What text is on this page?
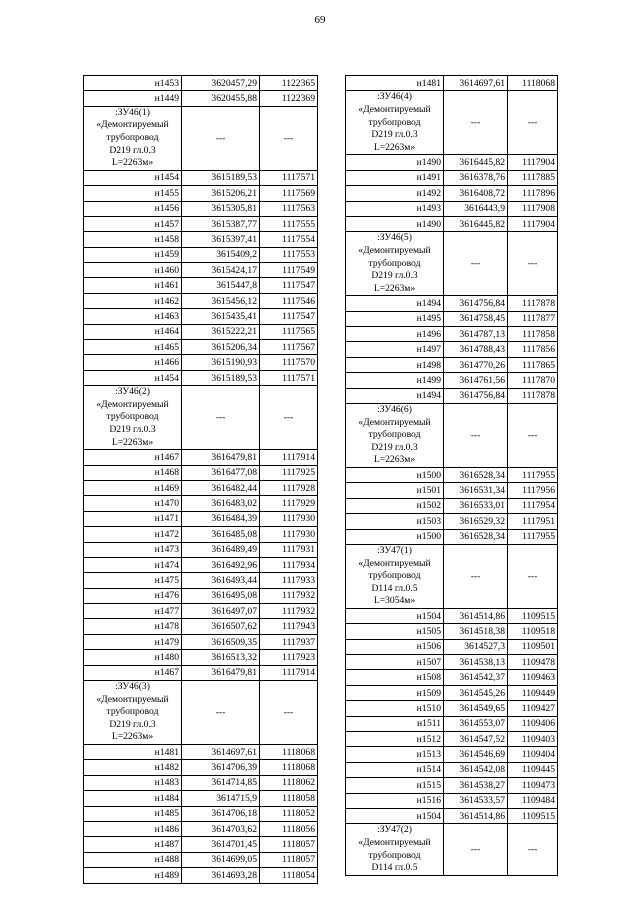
69
н1453	3620457,29	1122365
н1449	3620455,88	1122369

:ЗУ46(1)
«Демонтируемый
трубопровод
D219 гл.0.3
L=2263м»	---	---
н1454	3615189,53	1117571
н1455	3615206,21	1117569
н1456	3615305,81	1117563
н1457	3615387,77	1117555
н1458	3615397,41	1117554
н1459	3615409,2	1117553
н1460	3615424,17	1117549
н1461	3615447,8	1117547
н1462	3615456,12	1117546
н1463	3615435,41	1117547
н1464	3615222,21	1117565
н1465	3615206,34	1117567
н1466	3615190,93	1117570
н1454	3615189,53	1117571

:ЗУ46(2)
«Демонтируемый
трубопровод
D219 гл.0.3
L=2263м»	---	---
н1467	3616479,81	1117914
н1468	3616477,08	1117925
н1469	3616482,44	1117928
н1470	3616483,02	1117929
н1471	3616484,39	1117930
н1472	3616485,08	1117930
н1473	3616489,49	1117931
н1474	3616492,96	1117934
н1475	3616493,44	1117933
н1476	3616495,08	1117932
н1477	3616497,07	1117932
н1478	3616507,62	1117943
н1479	3616509,35	1117937
н1480	3616513,32	1117923
н1467	3616479,81	1117914

:ЗУ46(3)
«Демонтируемый
трубопровод
D219 гл.0.3
L=2263м»	---	---
н1481	3614697,61	1118068
н1482	3614706,39	1118068
н1483	3614714,85	1118062
н1484	3614715,9	1118058
н1485	3614706,18	1118052
н1486	3614703,62	1118056
н1487	3614701,45	1118057
н1488	3614699,05	1118057
н1489	3614693,28	1118054
н1481	3614697,61	1118068

:ЗУ46(4)
«Демонтируемый
трубопровод
D219 гл.0.3
L=2263м»	---	---
н1490	3616445,82	1117904
н1491	3616378,76	1117885
н1492	3616408,72	1117896
н1493	3616443,9	1117908
н1490	3616445,82	1117904

:ЗУ46(5)
«Демонтируемый
трубопровод
D219 гл.0.3
L=2263м»	---	---
н1494	3614756,84	1117878
н1495	3614758,45	1117877
н1496	3614787,13	1117858
н1497	3614788,43	1117856
н1498	3614770,26	1117865
н1499	3614761,56	1117870
н1494	3614756,84	1117878

:ЗУ46(6)
«Демонтируемый
трубопровод
D219 гл.0.3
L=2263м»	---	---
н1500	3616528,34	1117955
н1501	3616531,34	1117956
н1502	3616533,01	1117954
н1503	3616529,32	1117951
н1500	3616528,34	1117955

:ЗУ47(1)
«Демонтируемый
трубопровод
D114 гл.0.5
L=3054м»	---	---
н1504	3614514,86	1109515
н1505	3614518,38	1109518
н1506	3614527,3	1109501
н1507	3614538,13	1109478
н1508	3614542,37	1109463
н1509	3614545,26	1109449
н1510	3614549,65	1109427
н1511	3614553,07	1109406
н1512	3614547,52	1109403
н1513	3614546,69	1109404
н1514	3614542,08	1109445
н1515	3614538,27	1109473
н1516	3614533,57	1109484
н1504	3614514,86	1109515

:ЗУ47(2)
«Демонтируемый
трубопровод
D114 гл.0.5	---	---
